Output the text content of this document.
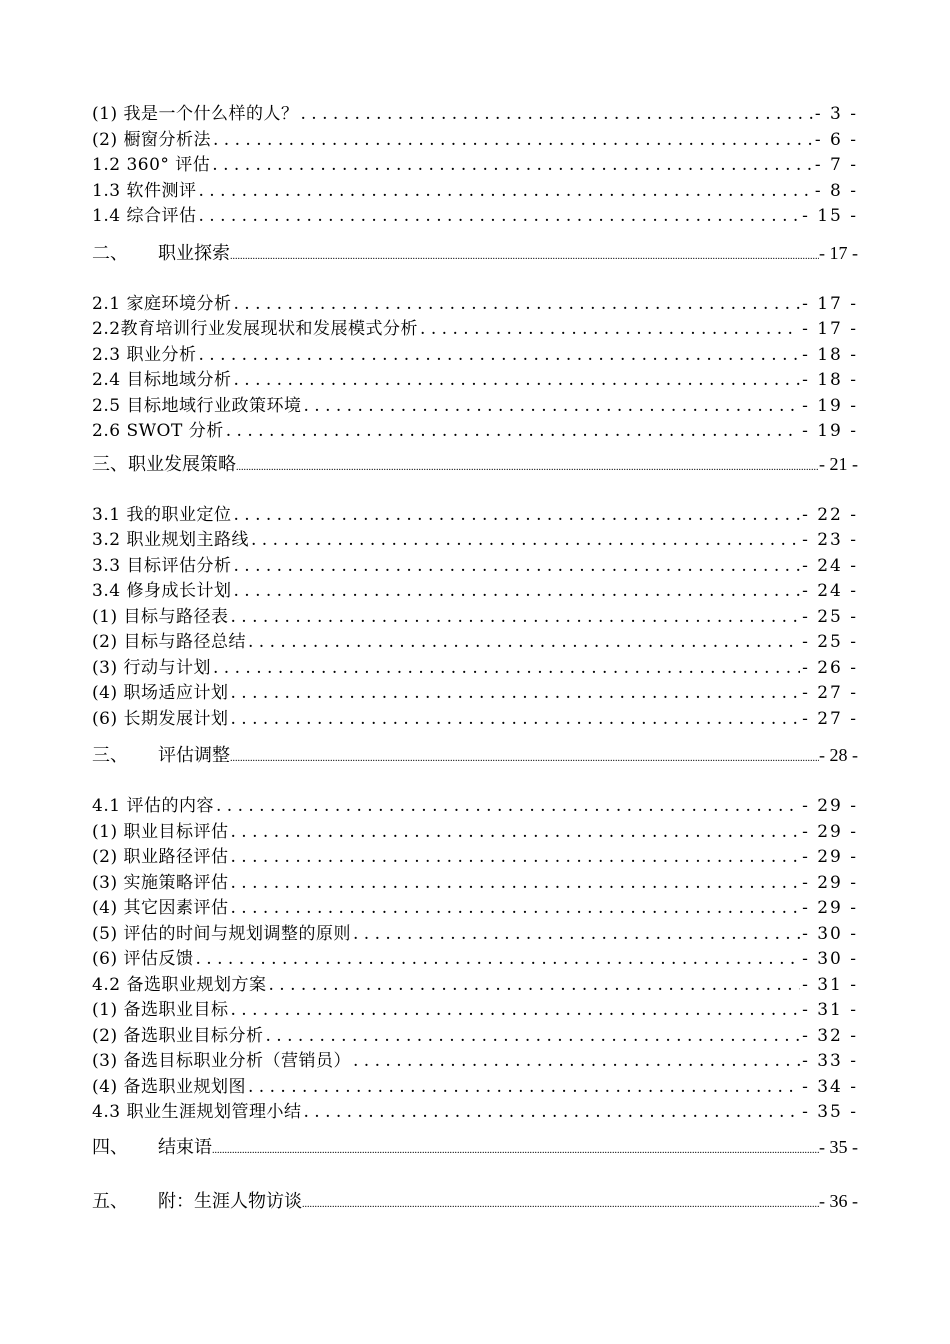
(1) 我是一个什么样的人？ . . .	- 3 -
(2) 橱窗分析法 . . .	- 6 -
1.2 360° 评估 . . .	- 7 -
1.3 软件测评 . . .	- 8 -
1.4 综合评估 . . .	- 15 -
二、	职业探索 .....	- 17 -
2.1 家庭环境分析 . . .	- 17 -
2.2教育培训行业发展现状和发展模式分析 . . .	- 17 -
2.3 职业分析 . . .	- 18 -
2.4 目标地域分析 . . .	- 18 -
2.5 目标地域行业政策环境 . . .	- 19 -
2.6 SWOT 分析 . . .	- 19 -
三、职业发展策略 .....	- 21 -
3.1 我的职业定位 . . .	- 22 -
3.2 职业规划主路线 . . .	- 23 -
3.3 目标评估分析 . . .	- 24 -
3.4 修身成长计划 . . .	- 24 -
(1) 目标与路径表 . . .	- 25 -
(2) 目标与路径总结 . . .	- 25 -
(3) 行动与计划 . . .	- 26 -
(4) 职场适应计划 . . .	- 27 -
(6) 长期发展计划 . . .	- 27 -
三、	评估调整 .....	- 28 -
4.1 评估的内容 . . .	- 29 -
(1) 职业目标评估 . . .	- 29 -
(2) 职业路径评估 . . .	- 29 -
(3) 实施策略评估 . . .	- 29 -
(4) 其它因素评估 . . .	- 29 -
(5) 评估的时间与规划调整的原则 . . .	- 30 -
(6) 评估反馈 . . .	- 30 -
4.2 备选职业规划方案 . . .	- 31 -
(1) 备选职业目标 . . .	- 31 -
(2) 备选职业目标分析 . . .	- 32 -
(3) 备选目标职业分析（营销员） . . .	- 33 -
(4) 备选职业规划图 . . .	- 34 -
4.3 职业生涯规划管理小结 . . .	- 35 -
四、	结束语 .....	- 35 -
五、	附：生涯人物访谈 .....	- 36 -
